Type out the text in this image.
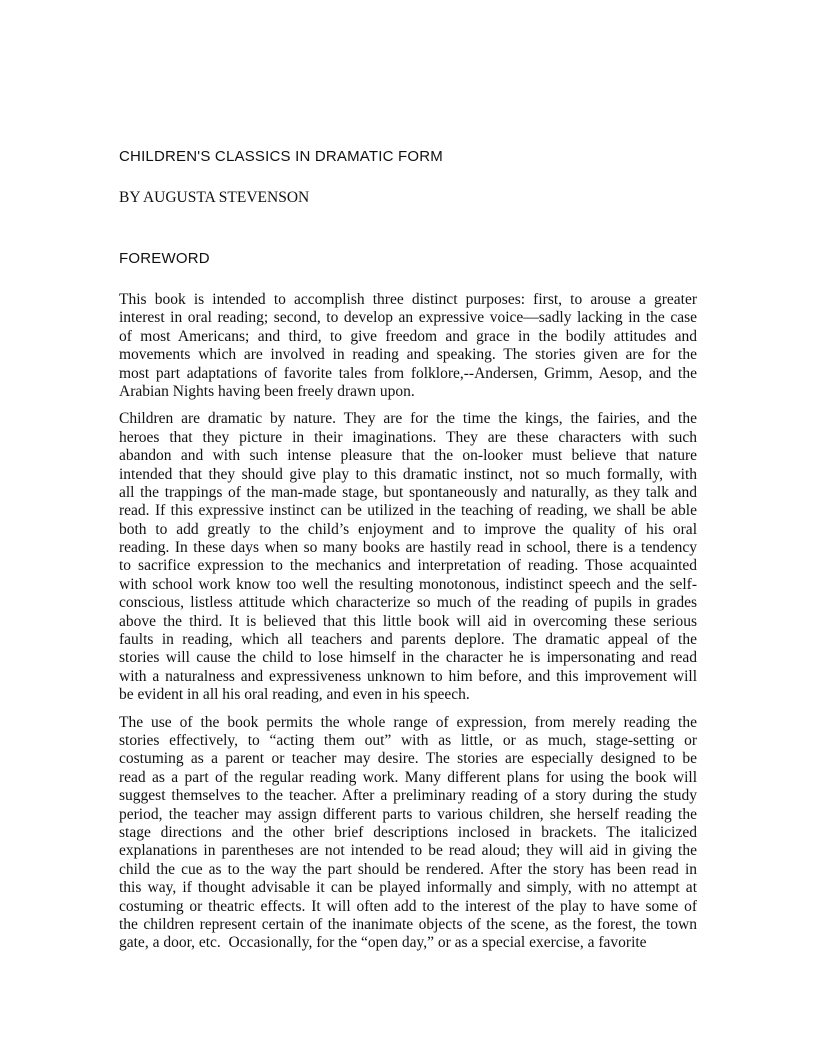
CHILDREN'S CLASSICS IN DRAMATIC FORM
BY AUGUSTA STEVENSON
FOREWORD
This book is intended to accomplish three distinct purposes: first, to arouse a greater
interest in oral reading; second, to develop an expressive voice—sadly lacking in the case
of most Americans; and third, to give freedom and grace in the bodily attitudes and
movements which are involved in reading and speaking. The stories given are for the
most part adaptations of favorite tales from folklore,--Andersen, Grimm, Aesop, and the
Arabian Nights having been freely drawn upon.
Children are dramatic by nature. They are for the time the kings, the fairies, and the
heroes that they picture in their imaginations. They are these characters with such
abandon and with such intense pleasure that the on-looker must believe that nature
intended that they should give play to this dramatic instinct, not so much formally, with
all the trappings of the man-made stage, but spontaneously and naturally, as they talk and
read. If this expressive instinct can be utilized in the teaching of reading, we shall be able
both to add greatly to the child’s enjoyment and to improve the quality of his oral
reading. In these days when so many books are hastily read in school, there is a tendency
to sacrifice expression to the mechanics and interpretation of reading. Those acquainted
with school work know too well the resulting monotonous, indistinct speech and the self-
conscious, listless attitude which characterize so much of the reading of pupils in grades
above the third. It is believed that this little book will aid in overcoming these serious
faults in reading, which all teachers and parents deplore. The dramatic appeal of the
stories will cause the child to lose himself in the character he is impersonating and read
with a naturalness and expressiveness unknown to him before, and this improvement will
be evident in all his oral reading, and even in his speech.
The use of the book permits the whole range of expression, from merely reading the
stories effectively, to “acting them out” with as little, or as much, stage-setting or
costuming as a parent or teacher may desire. The stories are especially designed to be
read as a part of the regular reading work. Many different plans for using the book will
suggest themselves to the teacher. After a preliminary reading of a story during the study
period, the teacher may assign different parts to various children, she herself reading the
stage directions and the other brief descriptions inclosed in brackets. The italicized
explanations in parentheses are not intended to be read aloud; they will aid in giving the
child the cue as to the way the part should be rendered. After the story has been read in
this way, if thought advisable it can be played informally and simply, with no attempt at
costuming or theatric effects. It will often add to the interest of the play to have some of
the children represent certain of the inanimate objects of the scene, as the forest, the town
gate, a door, etc.  Occasionally, for the “open day,” or as a special exercise, a favorite
